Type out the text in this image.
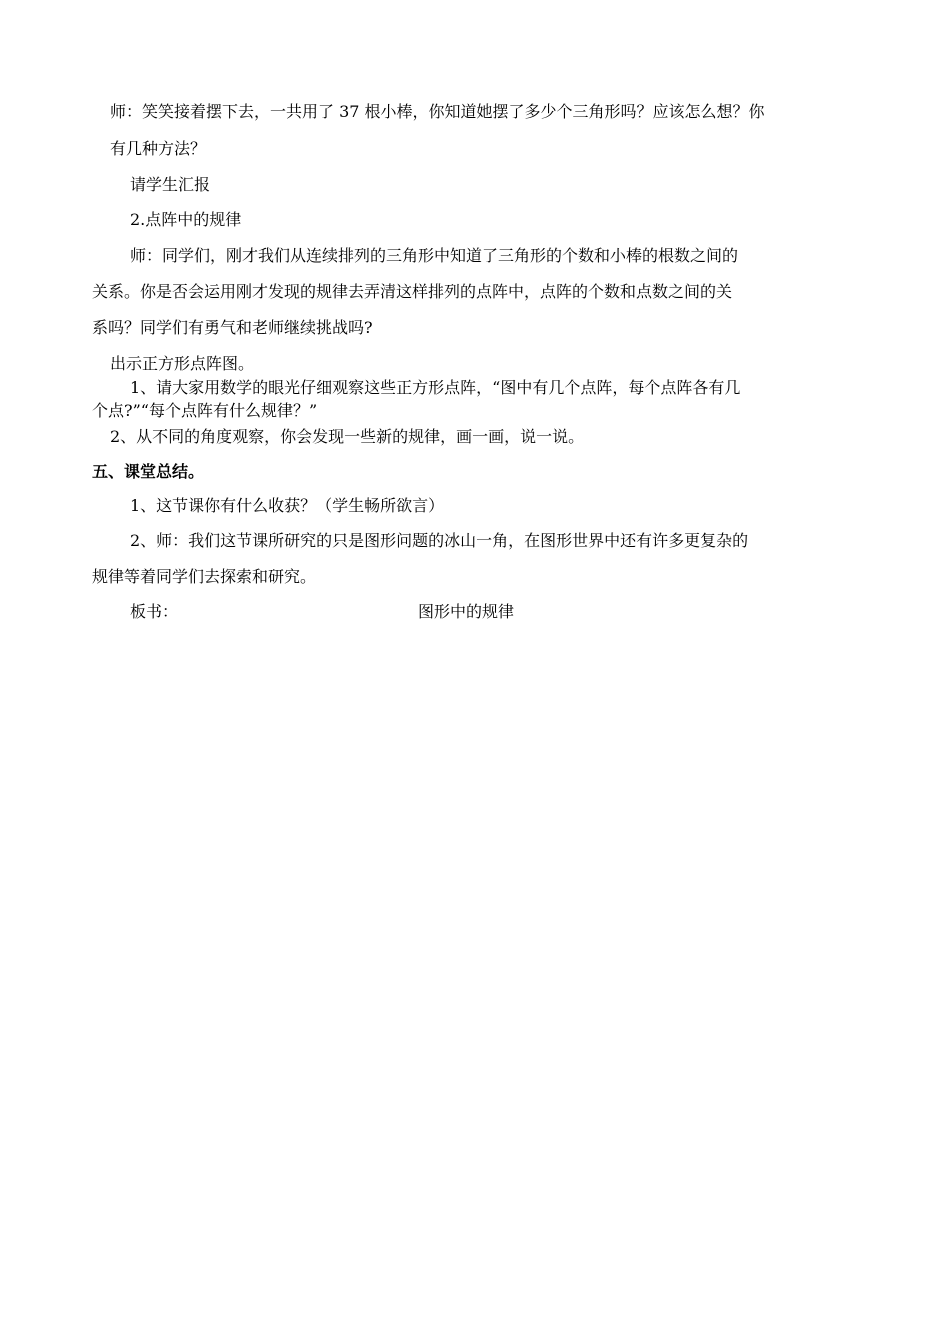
师：笑笑接着摆下去，一共用了 37 根小棒，你知道她摆了多少个三角形吗？应该怎么想？你
有几种方法？
请学生汇报
2.点阵中的规律
师：同学们，刚才我们从连续排列的三角形中知道了三角形的个数和小棒的根数之间的
关系。你是否会运用刚才发现的规律去弄清这样排列的点阵中，点阵的个数和点数之间的关
系吗？同学们有勇气和老师继续挑战吗?
出示正方形点阵图。
1、请大家用数学的眼光仔细观察这些正方形点阵，“图中有几个点阵，每个点阵各有几
个点?”“每个点阵有什么规律？”
2、从不同的角度观察，你会发现一些新的规律，画一画，说一说。
五、课堂总结。
1、这节课你有什么收获？（学生畅所欲言）
2、师：我们这节课所研究的只是图形问题的冰山一角，在图形世界中还有许多更复杂的
规律等着同学们去探索和研究。
板书：	图形中的规律
